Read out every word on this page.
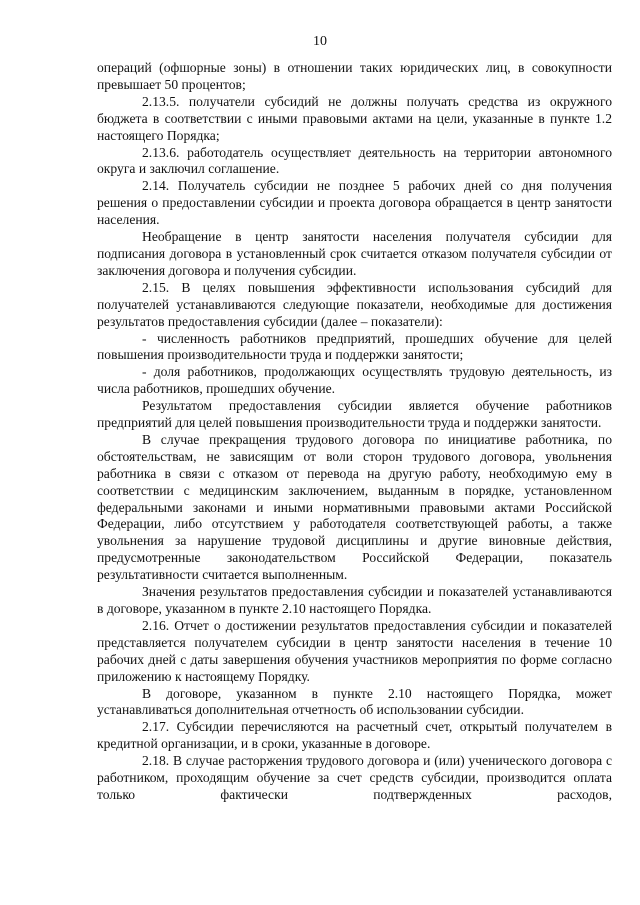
10

операций (офшорные зоны) в отношении таких юридических лиц, в совокупности превышает 50 процентов;

2.13.5. получатели субсидий не должны получать средства из окружного бюджета в соответствии с иными правовыми актами на цели, указанные в пункте 1.2 настоящего Порядка;

2.13.6. работодатель осуществляет деятельность на территории автономного округа и заключил соглашение.

2.14. Получатель субсидии не позднее 5 рабочих дней со дня получения решения о предоставлении субсидии и проекта договора обращается в центр занятости населения.

Необращение в центр занятости населения получателя субсидии для подписания договора в установленный срок считается отказом получателя субсидии от заключения договора и получения субсидии.

2.15. В целях повышения эффективности использования субсидий для получателей устанавливаются следующие показатели, необходимые для достижения результатов предоставления субсидии (далее – показатели):

- численность работников предприятий, прошедших обучение для целей повышения производительности труда и поддержки занятости;

- доля работников, продолжающих осуществлять трудовую деятельность, из числа работников, прошедших обучение.

Результатом предоставления субсидии является обучение работников предприятий для целей повышения производительности труда и поддержки занятости.

В случае прекращения трудового договора по инициативе работника, по обстоятельствам, не зависящим от воли сторон трудового договора, увольнения работника в связи с отказом от перевода на другую работу, необходимую ему в соответствии с медицинским заключением, выданным в порядке, установленном федеральными законами и иными нормативными правовыми актами Российской Федерации, либо отсутствием у работодателя соответствующей работы, а также увольнения за нарушение трудовой дисциплины и другие виновные действия, предусмотренные законодательством Российской Федерации, показатель результативности считается выполненным.

Значения результатов предоставления субсидии и показателей устанавливаются в договоре, указанном в пункте 2.10 настоящего Порядка.

2.16. Отчет о достижении результатов предоставления субсидии и показателей представляется получателем субсидии в центр занятости населения в течение 10 рабочих дней с даты завершения обучения участников мероприятия по форме согласно приложению к настоящему Порядку.

В договоре, указанном в пункте 2.10 настоящего Порядка, может устанавливаться дополнительная отчетность об использовании субсидии.

2.17. Субсидии перечисляются на расчетный счет, открытый получателем в кредитной организации, и в сроки, указанные в договоре.

2.18. В случае расторжения трудового договора и (или) ученического договора с работником, проходящим обучение за счет средств субсидии, производится оплата только фактически подтвержденных расходов,
